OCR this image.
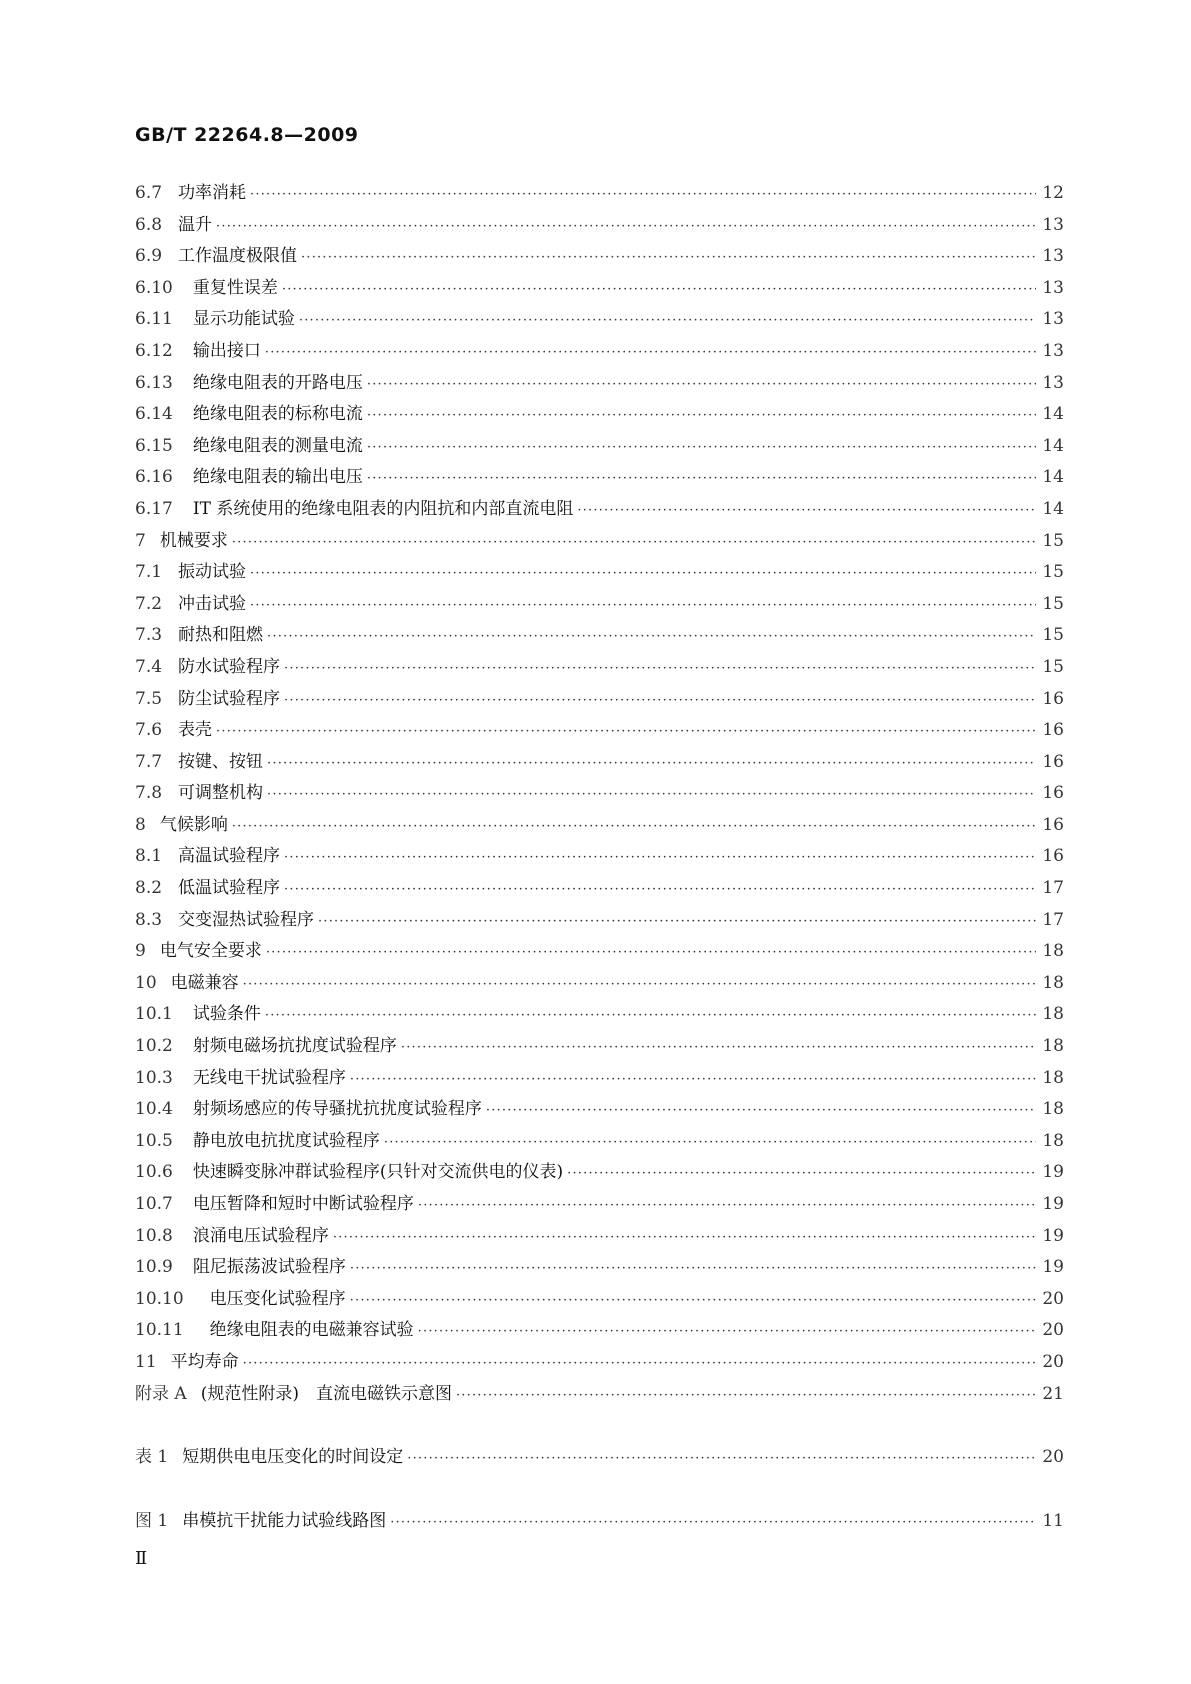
GB/T 22264.8—2009
6.7 功率消耗 ·····	12
6.8 温升 ·····	13
6.9 工作温度极限值 ·····	13
6.10 重复性误差 ·····	13
6.11 显示功能试验 ·····	13
6.12 输出接口 ·····	13
6.13 绝缘电阻表的开路电压 ·····	13
6.14 绝缘电阻表的标称电流 ·····	14
6.15 绝缘电阻表的测量电流 ·····	14
6.16 绝缘电阻表的输出电压 ·····	14
6.17 IT 系统使用的绝缘电阻表的内阻抗和内部直流电阻 ·····	14
7 机械要求 ·····	15
7.1 振动试验 ·····	15
7.2 冲击试验 ·····	15
7.3 耐热和阻燃 ·····	15
7.4 防水试验程序 ·····	15
7.5 防尘试验程序 ·····	16
7.6 表壳 ·····	16
7.7 按键、按钮 ·····	16
7.8 可调整机构 ·····	16
8 气候影响 ·····	16
8.1 高温试验程序 ·····	16
8.2 低温试验程序 ·····	17
8.3 交变湿热试验程序 ·····	17
9 电气安全要求 ·····	18
10 电磁兼容 ·····	18
10.1 试验条件 ·····	18
10.2 射频电磁场抗扰度试验程序 ·····	18
10.3 无线电干扰试验程序 ·····	18
10.4 射频场感应的传导骚扰抗扰度试验程序 ·····	18
10.5 静电放电抗扰度试验程序 ·····	18
10.6 快速瞬变脉冲群试验程序(只针对交流供电的仪表) ·····	19
10.7 电压暂降和短时中断试验程序 ·····	19
10.8 浪涌电压试验程序 ·····	19
10.9 阻尼振荡波试验程序 ·····	19
10.10 电压变化试验程序 ·····	20
10.11 绝缘电阻表的电磁兼容试验 ·····	20
11 平均寿命 ·····	20
附录 A (规范性附录)　直流电磁铁示意图 ·····	21
表 1 短期供电电压变化的时间设定 ·····	20
图 1 串模抗干扰能力试验线路图 ·····	11
Ⅱ
